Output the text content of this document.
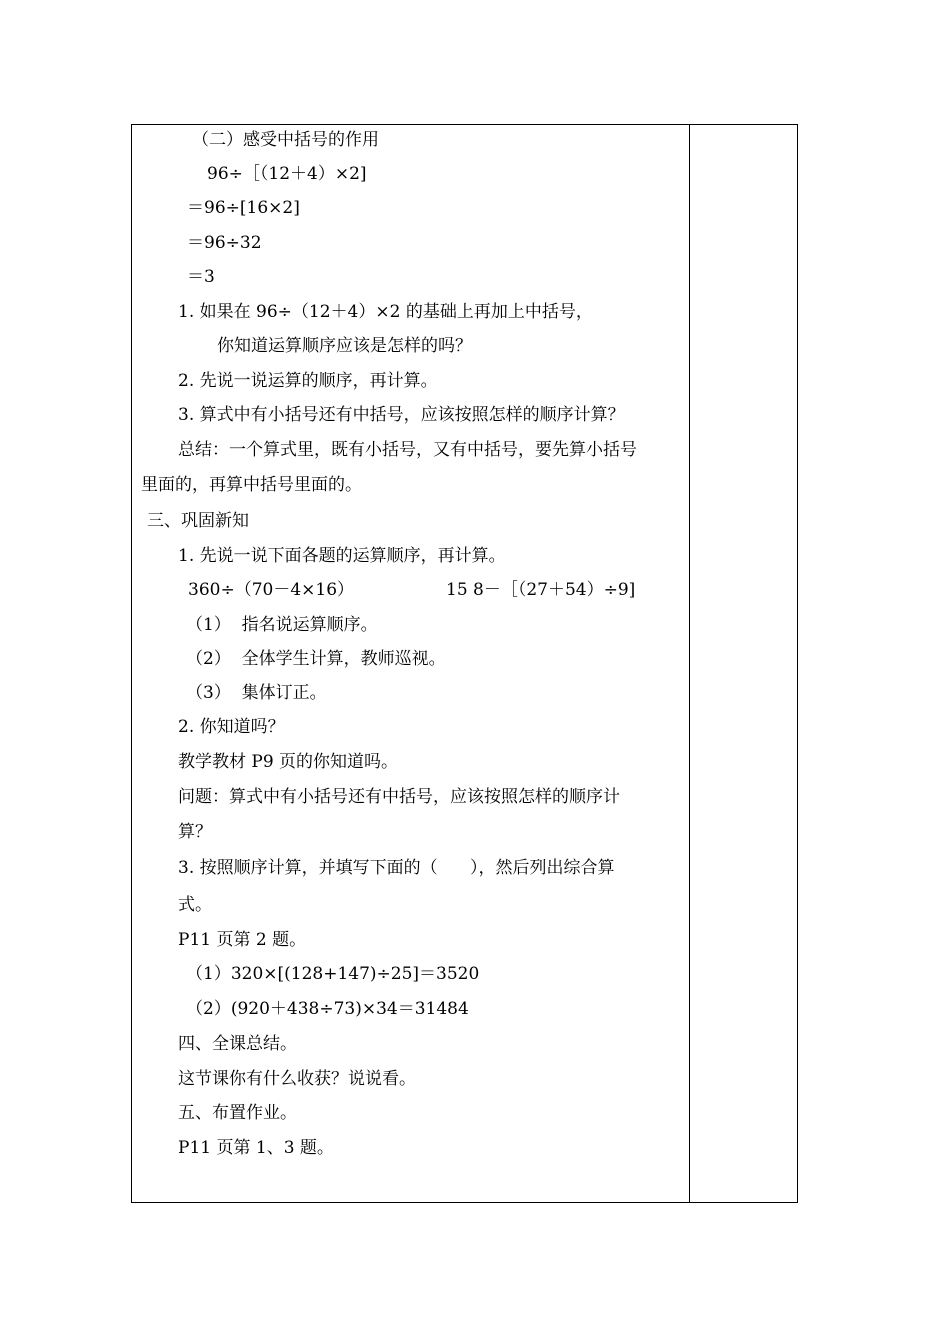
（二）感受中括号的作用
96÷［（12＋4）×2]
＝96÷[16×2]
＝96÷32
＝3
1. 如果在 96÷（12＋4）×2 的基础上再加上中括号，
你知道运算顺序应该是怎样的吗？
2. 先说一说运算的顺序，再计算。
3. 算式中有小括号还有中括号，应该按照怎样的顺序计算？
总结：一个算式里，既有小括号，又有中括号，要先算小括号
里面的，再算中括号里面的。
三、巩固新知
1. 先说一说下面各题的运算顺序，再计算。
360÷（70－4×16）	15 8－［（27＋54）÷9]
（1）  指名说运算顺序。
（2）  全体学生计算，教师巡视。
（3）  集体订正。
2. 你知道吗？
教学教材 P9 页的你知道吗。
问题：算式中有小括号还有中括号，应该按照怎样的顺序计
算？
3. 按照顺序计算，并填写下面的（      ），然后列出综合算
式。
P11 页第 2 题。
（1）320×[(128+147)÷25]＝3520
（2）(920＋438÷73)×34＝31484
四、全课总结。
这节课你有什么收获？说说看。
五、布置作业。
P11 页第 1、3 题。
